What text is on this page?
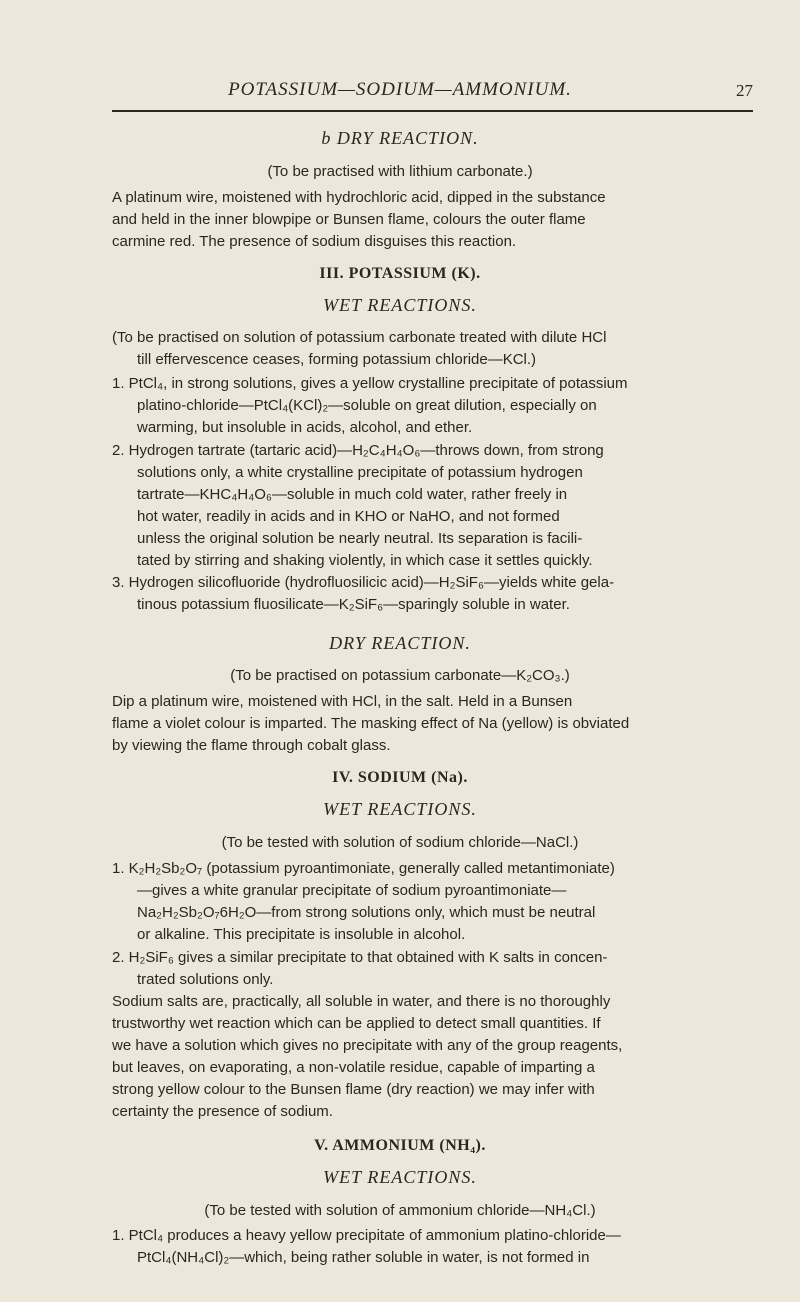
POTASSIUM—SODIUM—AMMONIUM.	27
b DRY REACTION.
(To be practised with lithium carbonate.)
A platinum wire, moistened with hydrochloric acid, dipped in the substance
and held in the inner blowpipe or Bunsen flame, colours the outer flame
carmine red. The presence of sodium disguises this reaction.
III. POTASSIUM (K).
WET REACTIONS.
(To be practised on solution of potassium carbonate treated with dilute HCl
till effervescence ceases, forming potassium chloride—KCl.)
1. PtCl₄, in strong solutions, gives a yellow crystalline precipitate of potassium
platino-chloride—PtCl₄(KCl)₂—soluble on great dilution, especially on
warming, but insoluble in acids, alcohol, and ether.
2. Hydrogen tartrate (tartaric acid)—H₂C₄H₄O₆—throws down, from strong
solutions only, a white crystalline precipitate of potassium hydrogen
tartrate—KHC₄H₄O₆—soluble in much cold water, rather freely in
hot water, readily in acids and in KHO or NaHO, and not formed
unless the original solution be nearly neutral. Its separation is facili-
tated by stirring and shaking violently, in which case it settles quickly.
3. Hydrogen silicofluoride (hydrofluosilicic acid)—H₂SiF₆—yields white gela-
tinous potassium fluosilicate—K₂SiF₆—sparingly soluble in water.
DRY REACTION.
(To be practised on potassium carbonate—K₂CO₃.)
Dip a platinum wire, moistened with HCl, in the salt. Held in a Bunsen
flame a violet colour is imparted. The masking effect of Na (yellow) is obviated
by viewing the flame through cobalt glass.
IV. SODIUM (Na).
WET REACTIONS.
(To be tested with solution of sodium chloride—NaCl.)
1. K₂H₂Sb₂O₇ (potassium pyroantimoniate, generally called metantimoniate)
—gives a white granular precipitate of sodium pyroantimoniate—
Na₂H₂Sb₂O₇6H₂O—from strong solutions only, which must be neutral
or alkaline. This precipitate is insoluble in alcohol.
2. H₂SiF₆ gives a similar precipitate to that obtained with K salts in concen-
trated solutions only.
Sodium salts are, practically, all soluble in water, and there is no thoroughly
trustworthy wet reaction which can be applied to detect small quantities. If
we have a solution which gives no precipitate with any of the group reagents,
but leaves, on evaporating, a non-volatile residue, capable of imparting a
strong yellow colour to the Bunsen flame (dry reaction) we may infer with
certainty the presence of sodium.
V. AMMONIUM (NH₄).
WET REACTIONS.
(To be tested with solution of ammonium chloride—NH₄Cl.)
1. PtCl₄ produces a heavy yellow precipitate of ammonium platino-chloride—
PtCl₄(NH₄Cl)₂—which, being rather soluble in water, is not formed in
